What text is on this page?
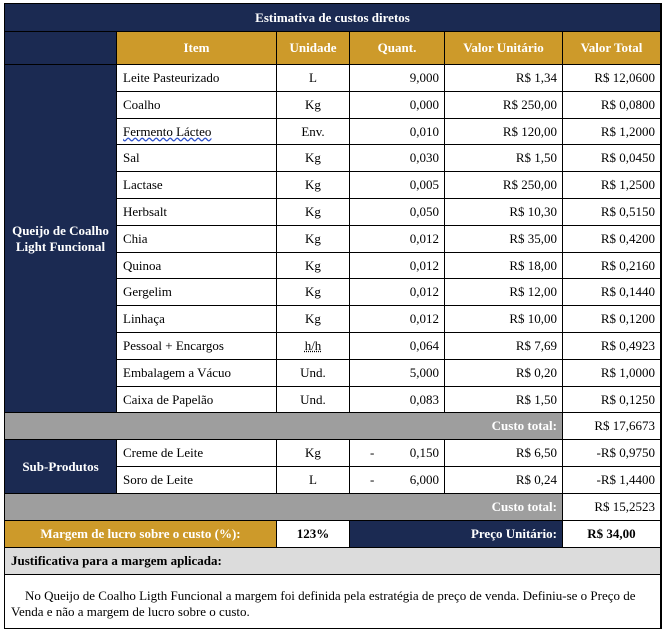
Estimativa de custos diretos
Item	Unidade	Quant.	Valor Unitário	Valor Total
Queijo de Coalho Light Funcional
Leite Pasteurizado	L	9,000	R$ 1,34	R$ 12,0600
Coalho	Kg	0,000	R$ 250,00	R$ 0,0800
Fermento Lácteo	Env.	0,010	R$ 120,00	R$ 1,2000
Sal	Kg	0,030	R$ 1,50	R$ 0,0450
Lactase	Kg	0,005	R$ 250,00	R$ 1,2500
Herbsalt	Kg	0,050	R$ 10,30	R$ 0,5150
Chia	Kg	0,012	R$ 35,00	R$ 0,4200
Quinoa	Kg	0,012	R$ 18,00	R$ 0,2160
Gergelim	Kg	0,012	R$ 12,00	R$ 0,1440
Linhaça	Kg	0,012	R$ 10,00	R$ 0,1200
Pessoal + Encargos	h/h	0,064	R$ 7,69	R$ 0,4923
Embalagem a Vácuo	Und.	5,000	R$ 0,20	R$ 1,0000
Caixa de Papelão	Und.	0,083	R$ 1,50	R$ 0,1250
Custo total:	R$ 17,6673
Sub-Produtos
Creme de Leite	Kg	-	0,150	R$ 6,50	-R$ 0,9750
Soro de Leite	L	-	6,000	R$ 0,24	-R$ 1,4400
Custo total:	R$ 15,2523
Margem de lucro sobre o custo (%):	123%	Preço Unitário:	R$ 34,00
Justificativa para a margem aplicada:
No Queijo de Coalho Ligth Funcional a margem foi definida pela estratégia de preço de venda. Definiu-se o Preço de Venda e não a margem de lucro sobre o custo.
